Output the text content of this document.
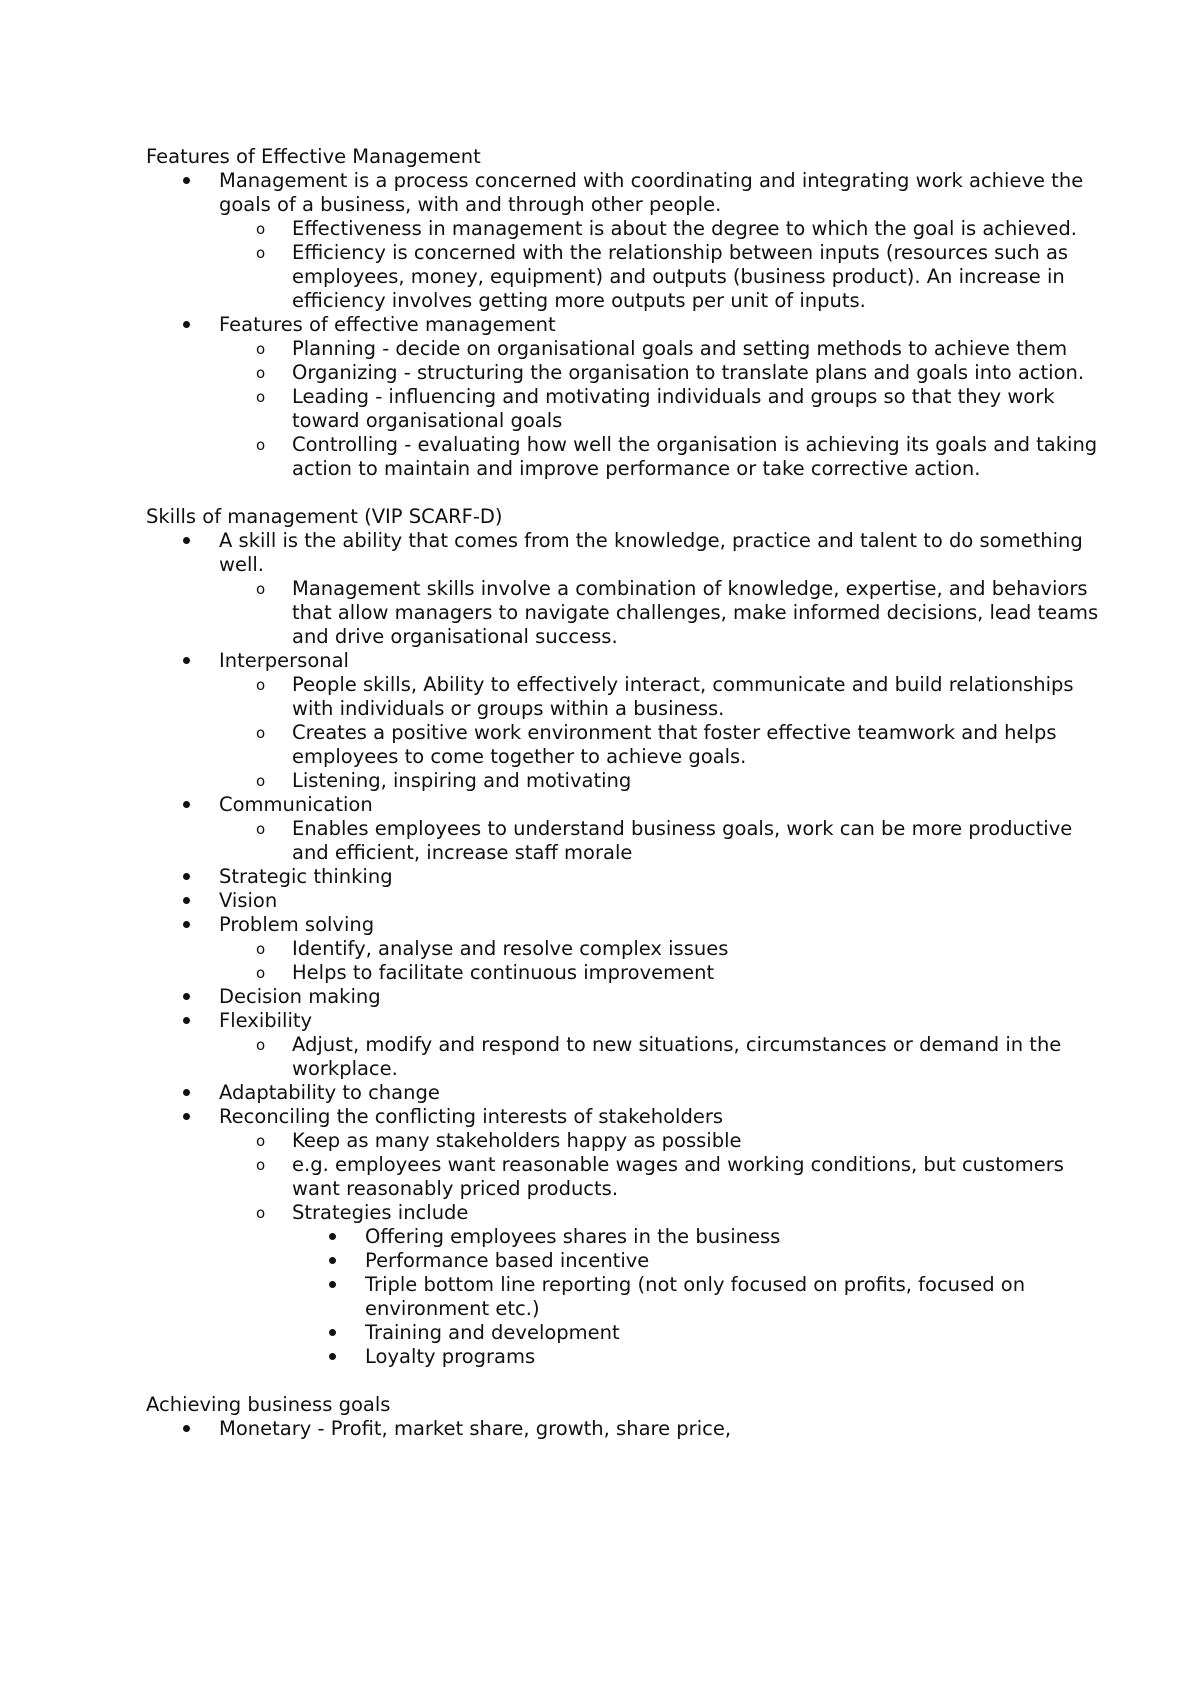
Features of Effective Management

Management is a process concerned with coordinating and integrating work achieve the goals of a business, with and through other people.
o Effectiveness in management is about the degree to which the goal is achieved.
o Efficiency is concerned with the relationship between inputs (resources such as employees, money, equipment) and outputs (business product). An increase in efficiency involves getting more outputs per unit of inputs.
Features of effective management
o Planning - decide on organisational goals and setting methods to achieve them
o Organizing - structuring the organisation to translate plans and goals into action.
o Leading - influencing and motivating individuals and groups so that they work toward organisational goals
o Controlling - evaluating how well the organisation is achieving its goals and taking action to maintain and improve performance or take corrective action.

Skills of management (VIP SCARF-D)

A skill is the ability that comes from the knowledge, practice and talent to do something well.
o Management skills involve a combination of knowledge, expertise, and behaviors that allow managers to navigate challenges, make informed decisions, lead teams and drive organisational success.
Interpersonal
o People skills, Ability to effectively interact, communicate and build relationships with individuals or groups within a business.
o Creates a positive work environment that foster effective teamwork and helps employees to come together to achieve goals.
o Listening, inspiring and motivating
Communication
o Enables employees to understand business goals, work can be more productive and efficient, increase staff morale
Strategic thinking
Vision
Problem solving
o Identify, analyse and resolve complex issues
o Helps to facilitate continuous improvement
Decision making
Flexibility
o Adjust, modify and respond to new situations, circumstances or demand in the workplace.
Adaptability to change
Reconciling the conflicting interests of stakeholders
o Keep as many stakeholders happy as possible
o e.g. employees want reasonable wages and working conditions, but customers want reasonably priced products.
o Strategies include
Offering employees shares in the business
Performance based incentive
Triple bottom line reporting (not only focused on profits, focused on environment etc.)
Training and development
Loyalty programs

Achieving business goals

Monetary - Profit, market share, growth, share price,
